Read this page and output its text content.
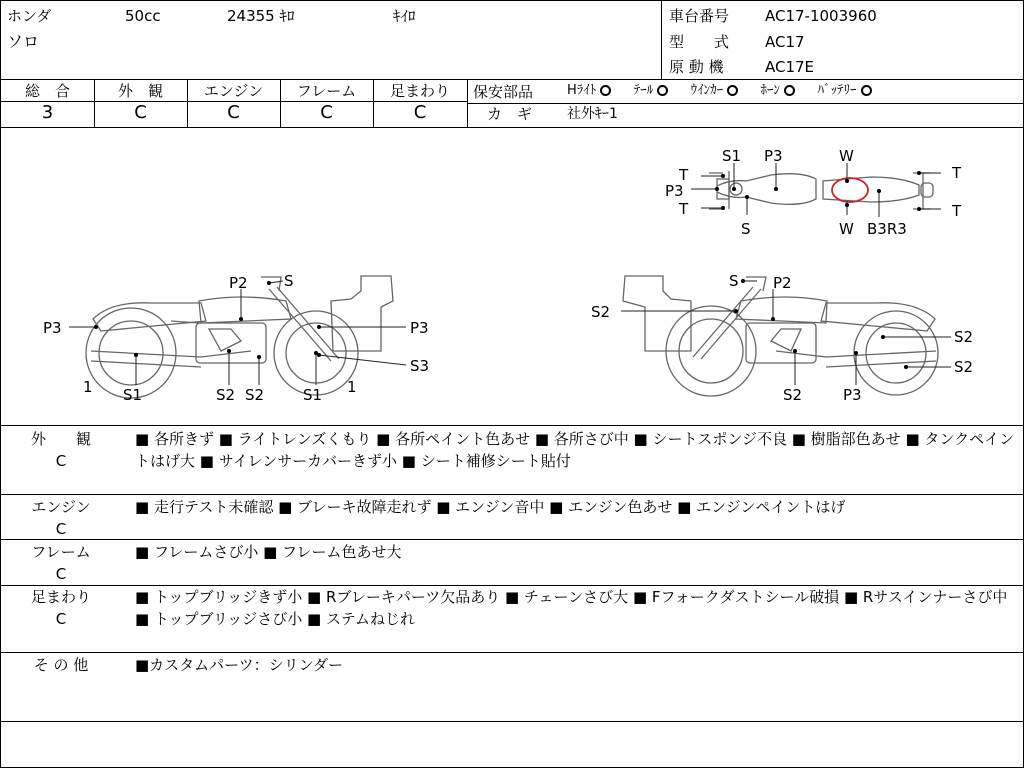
ホンダ	50cc	24355 ｷﾛ	ｷｲﾛ
ソロ
車台番号 AC17-1003960
型　　式 AC17
原 動 機	AC17E
総　合	外　観	エンジン	フレーム	足まわり
3	C	C	C	C
保安部品	Hﾗｲﾄ	ﾃｰﾙ	ｳｲﾝｶｰ	ﾎｰﾝ	ﾊﾞｯﾃﾘｰ
カ　ギ 社外ｷｰ1
T
P3
T
S1 P3
S
W
W B3R3
T
T
P2 S
P3	P3
S3
1 S1	S2 S2	S1 1
S P2
S2
S2
S2
S2	P3
外　　観
C
■ 各所きず ■ ライトレンズくもり ■ 各所ペイント色あせ ■ 各所さび中 ■ シートスポンジ不良 ■ 樹脂部色あせ ■ タンクペイントはげ大 ■ サイレンサーカバーきず小 ■ シート補修シート貼付
エンジン
C
■ 走行テスト未確認 ■ ブレーキ故障走れず ■ エンジン音中 ■ エンジン色あせ ■ エンジンペイントはげ
フレーム
C
■ フレームさび小 ■ フレーム色あせ大
足まわり
C
■ トップブリッジきず小 ■ Rブレーキパーツ欠品あり ■ チェーンさび大 ■ Fフォークダストシール破損 ■ Rサスインナーさび中 ■ トップブリッジさび小 ■ ステムねじれ
そ の 他	■カスタムパーツ：シリンダー
